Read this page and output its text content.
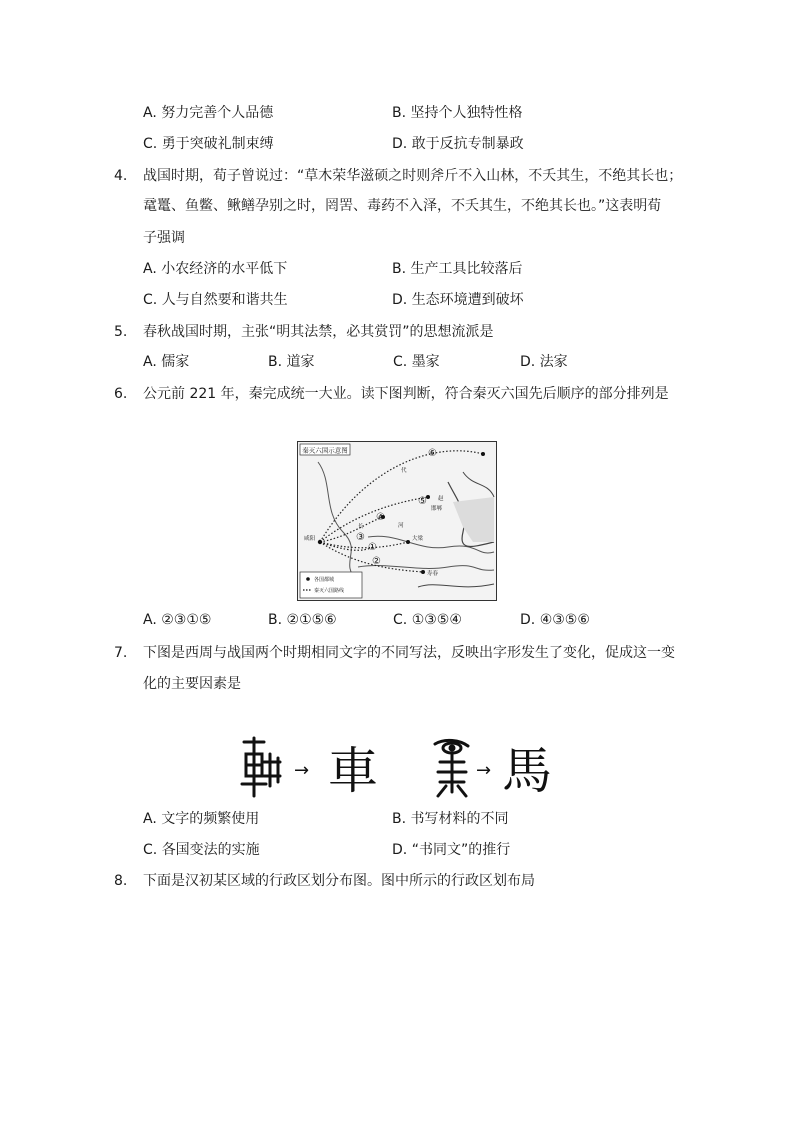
A. 努力完善个人品德	B. 坚持个人独特性格
C. 勇于突破礼制束缚	D. 敢于反抗专制暴政
4. 战国时期，荀子曾说过：“草木荣华滋硕之时则斧斤不入山林，不夭其生，不绝其长也；
鼋鼍、鱼鳖、鳅鳝孕别之时，罔罟、毒药不入泽，不夭其生，不绝其长也。”这表明荀
子强调
A. 小农经济的水平低下	B. 生产工具比较落后
C. 人与自然要和谐共生	D. 生态环境遭到破坏
5. 春秋战国时期，主张“明其法禁，必其赏罚”的思想流派是
A. 儒家	B. 道家	C. 墨家	D. 法家
6. 公元前 221 年，秦完成统一大业。读下图判断，符合秦灭六国先后顺序的部分排列是
秦灭六国示意图
①
②
③
④
⑤
⑥
代
赵
邯郸
长
咸阳	大梁
寿春
河
各国都城
秦灭六国路线
A. ②③①⑤	B. ②①⑤⑥	C. ①③⑤④	D. ④③⑤⑥
7. 下图是西周与战国两个时期相同文字的不同写法，反映出字形发生了变化，促成这一变
化的主要因素是
→ 車	→ 馬
A. 文字的频繁使用	B. 书写材料的不同
C. 各国变法的实施	D. “书同文”的推行
8. 下面是汉初某区域的行政区划分布图。图中所示的行政区划布局
